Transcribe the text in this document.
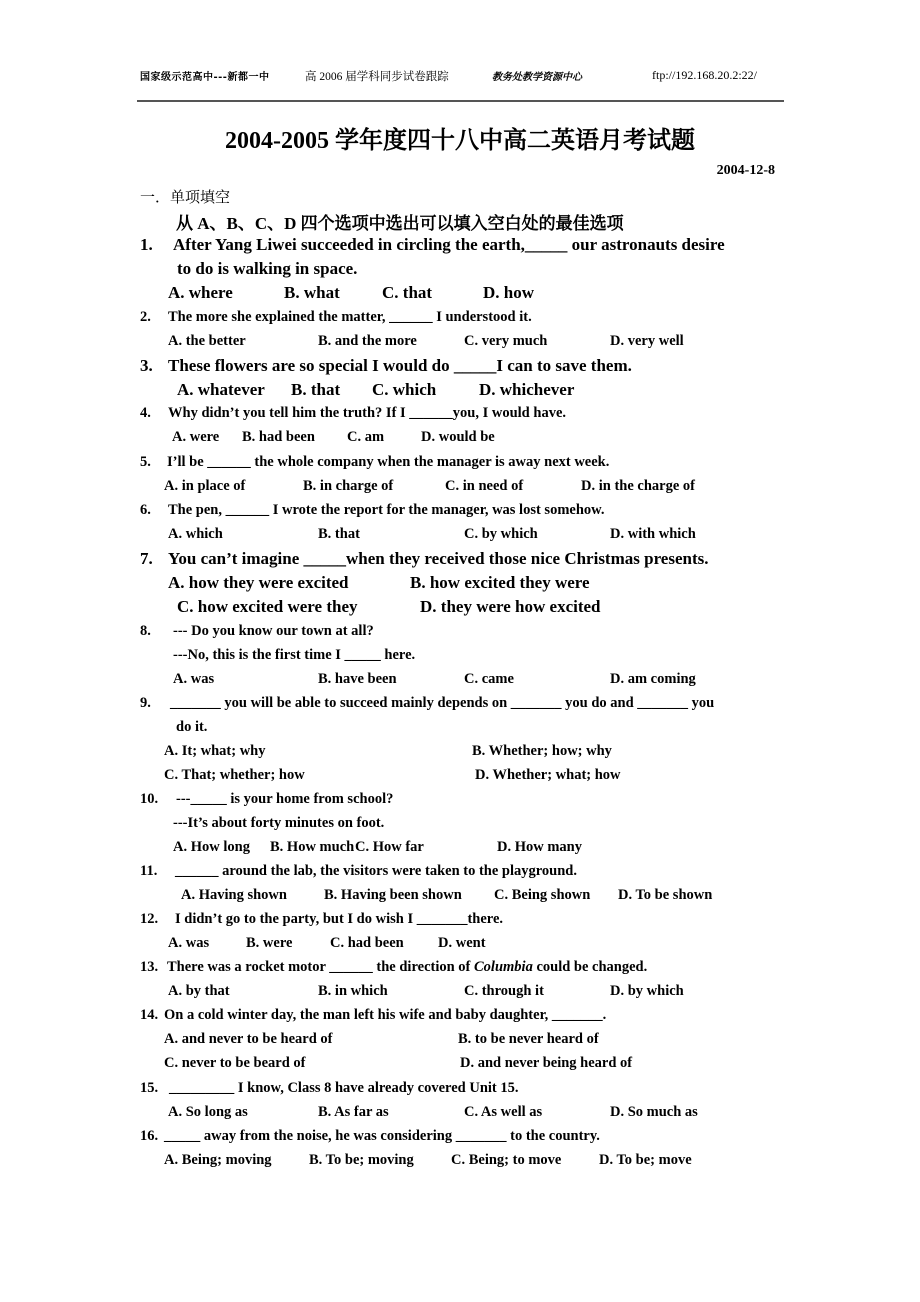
国家级示范高中---新都一中	高 2006 届学科同步试卷跟踪	教务处教学资源中心	ftp://192.168.20.2:22/
2004-2005 学年度四十八中高二英语月考试题
2004-12-8
一．单项填空
从 A、B、C、D 四个选项中选出可以填入空白处的最佳选项
1. After Yang Liwei succeeded in circling the earth,_____ our astronauts desire
to do is walking in space.
A. where	B. what C. that	D. how
2. The more she explained the matter, ______ I understood it.
A. the better	B. and the more	C. very much	D. very well
3. These flowers are so special I would do _____I can to save them.
A. whatever B. that C. which	D. whichever
4. Why didn’t you tell him the truth? If I ______you, I would have.
A. were B. had been C. am	D. would be
5. I’ll be ______ the whole company when the manager is away next week.
A. in place of	B. in charge of	C. in need of	D. in the charge of
6. The pen, ______ I wrote the report for the manager, was lost somehow.
A. which	B. that	C. by which	D. with which
7. You can’t imagine _____when they received those nice Christmas presents.
A. how they were excited	B. how excited they were
C. how excited were they	D. they were how excited
8. --- Do you know our town at all?
---No, this is the first time I _____ here.
A. was	B. have been	C. came	D. am coming
9. _______ you will be able to succeed mainly depends on _______ you do and _______ you
do it.
A. It; what; why	B. Whether; how; why
C. That; whether; how	D. Whether; what; how
10. ---_____ is your home from school?
---It’s about forty minutes on foot.
A. How long B. How much C. How far	D. How many
11. ______ around the lab, the visitors were taken to the playground.
A. Having shown	B. Having been shown C. Being shown D. To be shown
12. I didn’t go to the party, but I do wish I _______there.
A. was	B. were	C. had been D. went
13. There was a rocket motor ______ the direction of Columbia could be changed.
A. by that	B. in which	C. through it	D. by which
14. On a cold winter day, the man left his wife and baby daughter, _______.
A. and never to be heard of	B. to be never heard of
C. never to be beard of	D. and never being heard of
15. _________ I know, Class 8 have already covered Unit 15.
A. So long as	B. As far as	C. As well as	D. So much as
16. _____ away from the noise, he was considering _______ to the country.
A. Being; moving	B. To be; moving	C. Being; to move	D. To be; move
